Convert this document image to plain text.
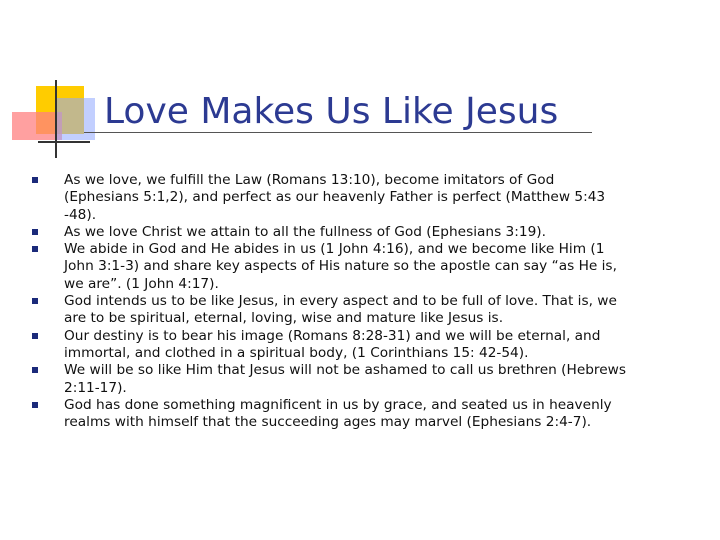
Love Makes Us Like Jesus
As we love, we fulfill the Law (Romans 13:10), become imitators of God (Ephesians 5:1,2), and perfect as our heavenly Father is perfect (Matthew 5:43 -48).
As we love Christ we attain to all the fullness of God (Ephesians 3:19).
We abide in God and He abides in us (1 John 4:16), and we become like Him (1 John 3:1-3) and share key aspects of His nature so the apostle can say “as He is, we are”. (1 John 4:17).
God intends us to be like Jesus, in every aspect and to be full of love. That is, we are to be spiritual, eternal, loving, wise and mature like Jesus is.
Our destiny is to bear his image (Romans 8:28-31) and we will be eternal, and immortal, and clothed in a spiritual body, (1 Corinthians 15: 42-54).
We will be so like Him that Jesus will not be ashamed to call us brethren (Hebrews 2:11-17).
God has done something magnificent in us by grace, and seated us in heavenly realms with himself that the succeeding ages may marvel (Ephesians 2:4-7).
